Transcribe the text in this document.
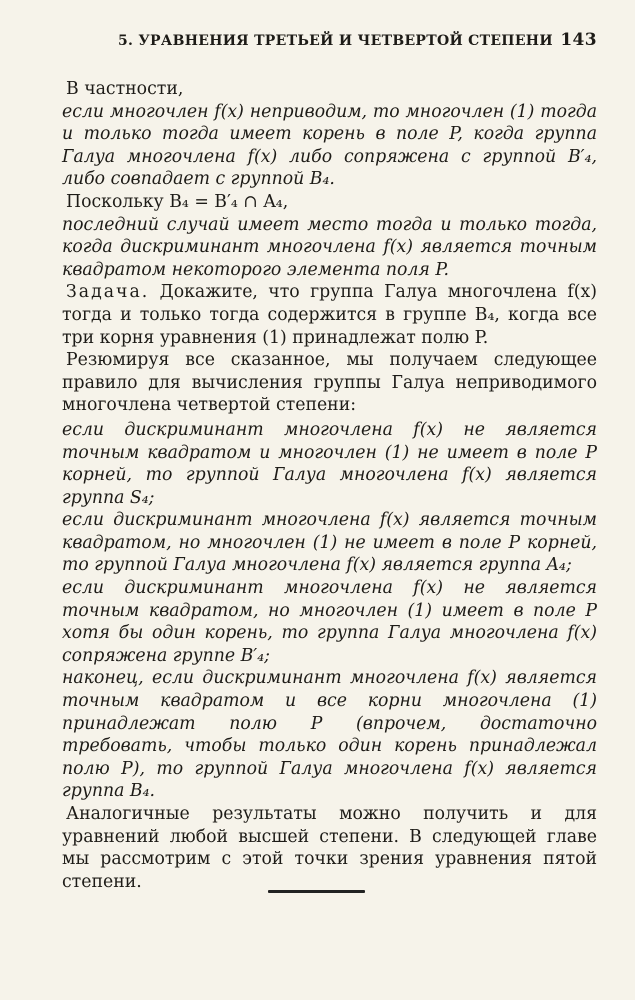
5. УРАВНЕНИЯ ТРЕТЬЕЙ И ЧЕТВЕРТОЙ СТЕПЕНИ 143

В частности,

если многочлен f(x) неприводим, то многочлен (1) тогда и только тогда имеет корень в поле P, когда группа Галуа многочлена f(x) либо сопряжена с группой B′₄, либо совпадает с группой B₄.

Поскольку B₄ = B′₄ ∩ A₄,

последний случай имеет место тогда и только тогда, когда дискриминант многочлена f(x) является точным квадратом некоторого элемента поля P.

Задача. Докажите, что группа Галуа многочлена f(x) тогда и только тогда содержится в группе B₄, когда все три корня уравнения (1) принадлежат полю P.

Резюмируя все сказанное, мы получаем следующее правило для вычисления группы Галуа неприводимого многочлена четвертой степени:

если дискриминант многочлена f(x) не является точным квадратом и многочлен (1) не имеет в поле P корней, то группой Галуа многочлена f(x) является группа S₄;

если дискриминант многочлена f(x) является точным квадратом, но многочлен (1) не имеет в поле P корней, то группой Галуа многочлена f(x) является группа A₄;

если дискриминант многочлена f(x) не является точным квадратом, но многочлен (1) имеет в поле P хотя бы один корень, то группа Галуа многочлена f(x) сопряжена группе B′₄;

наконец, если дискриминант многочлена f(x) является точным квадратом и все корни многочлена (1) принадлежат полю P (впрочем, достаточно требовать, чтобы только один корень принадлежал полю P), то группой Галуа многочлена f(x) является группа B₄.

Аналогичные результаты можно получить и для уравнений любой высшей степени. В следующей главе мы рассмотрим с этой точки зрения уравнения пятой степени.
